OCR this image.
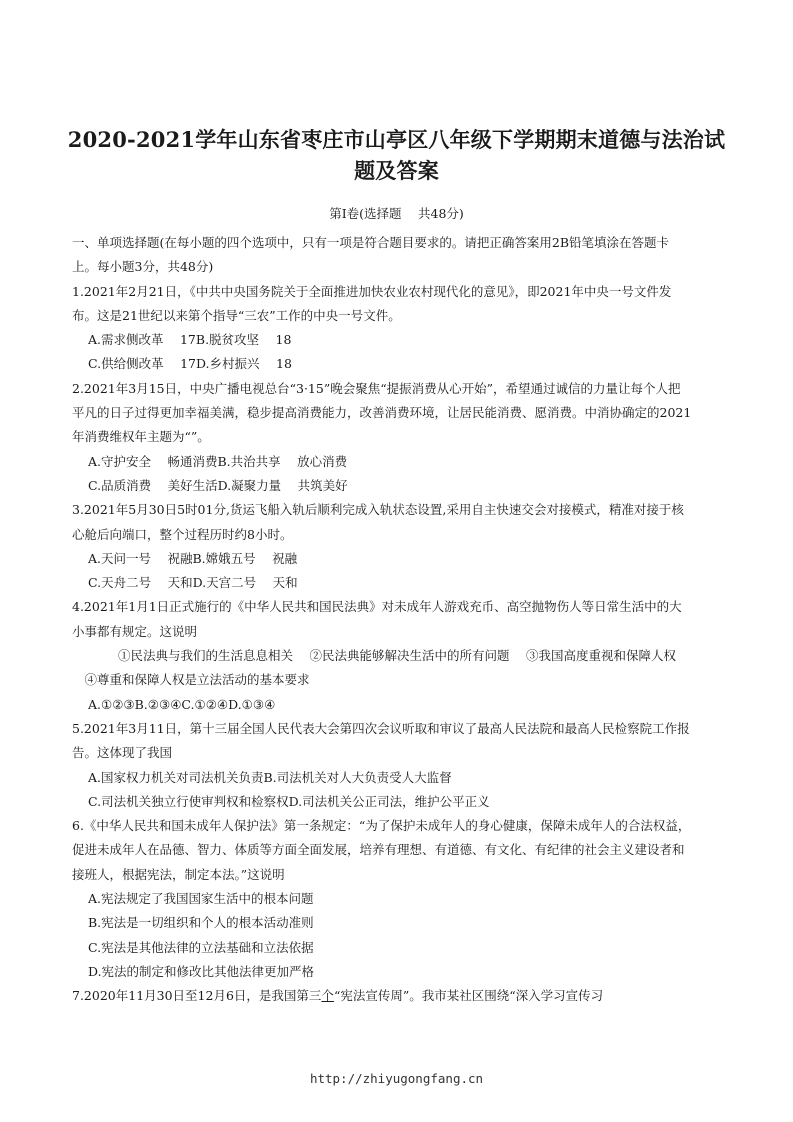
2020-2021学年山东省枣庄市山亭区八年级下学期期末道德与法治试
题及答案
第Ⅰ卷(选择题　 共48分)

一、单项选择题(在每小题的四个选项中，只有一项是符合题目要求的。请把正确答案用2B铅笔填涂在答题卡上。每小题3分，共48分)

1.2021年2月21日，《中共中央国务院关于全面推进加快农业农村现代化的意见》，即2021年中央一号文件发布。这是21世纪以来第个指导“三农”工作的中央一号文件。

A.需求侧改革 　17B.脱贫攻坚 　18

C.供给侧改革 　17D.乡村振兴 　18

2.2021年3月15日，中央广播电视总台“3·15”晚会聚焦“提振消费从心开始”，希望通过诚信的力量让每个人把平凡的日子过得更加幸福美满，稳步提高消费能力，改善消费环境，让居民能消费、愿消费。中消协确定的2021年消费维权年主题为“”。

A.守护安全 　畅通消费B.共治共享 　放心消费

C.品质消费 　美好生活D.凝聚力量 　共筑美好

3.2021年5月30日5时01分,货运飞船入轨后顺利完成入轨状态设置,采用自主快速交会对接模式，精准对接于核心舱后向端口，整个过程历时约8小时。

A.天问一号 　祝融B.嫦娥五号 　祝融

C.天舟二号 　天和D.天宫二号 　天和

4.2021年1月1日正式施行的《中华人民共和国民法典》对未成年人游戏充币、高空抛物伤人等日常生活中的大小事都有规定。这说明

①民法典与我们的生活息息相关 　②民法典能够解决生活中的所有问题 　③我国高度重视和保障人权 　④尊重和保障人权是立法活动的基本要求

A.①②③B.②③④C.①②④D.①③④

5.2021年3月11日，第十三届全国人民代表大会第四次会议听取和审议了最高人民法院和最高人民检察院工作报告。这体现了我国

A.国家权力机关对司法机关负责B.司法机关对人大负责受人大监督

C.司法机关独立行使审判权和检察权D.司法机关公正司法，维护公平正义

6.《中华人民共和国未成年人保护法》第一条规定：“为了保护未成年人的身心健康，保障未成年人的合法权益，促进未成年人在品德、智力、体质等方面全面发展，培养有理想、有道德、有文化、有纪律的社会主义建设者和接班人，根据宪法，制定本法。”这说明

A.宪法规定了我国国家生活中的根本问题

B.宪法是一切组织和个人的根本活动准则

C.宪法是其他法律的立法基础和立法依据

D.宪法的制定和修改比其他法律更加严格

7.2020年11月30日至12月6日，是我国第三个“宪法宣传周”。我市某社区围绕“深入学习宣传习

http://zhiyugongfang.cn
